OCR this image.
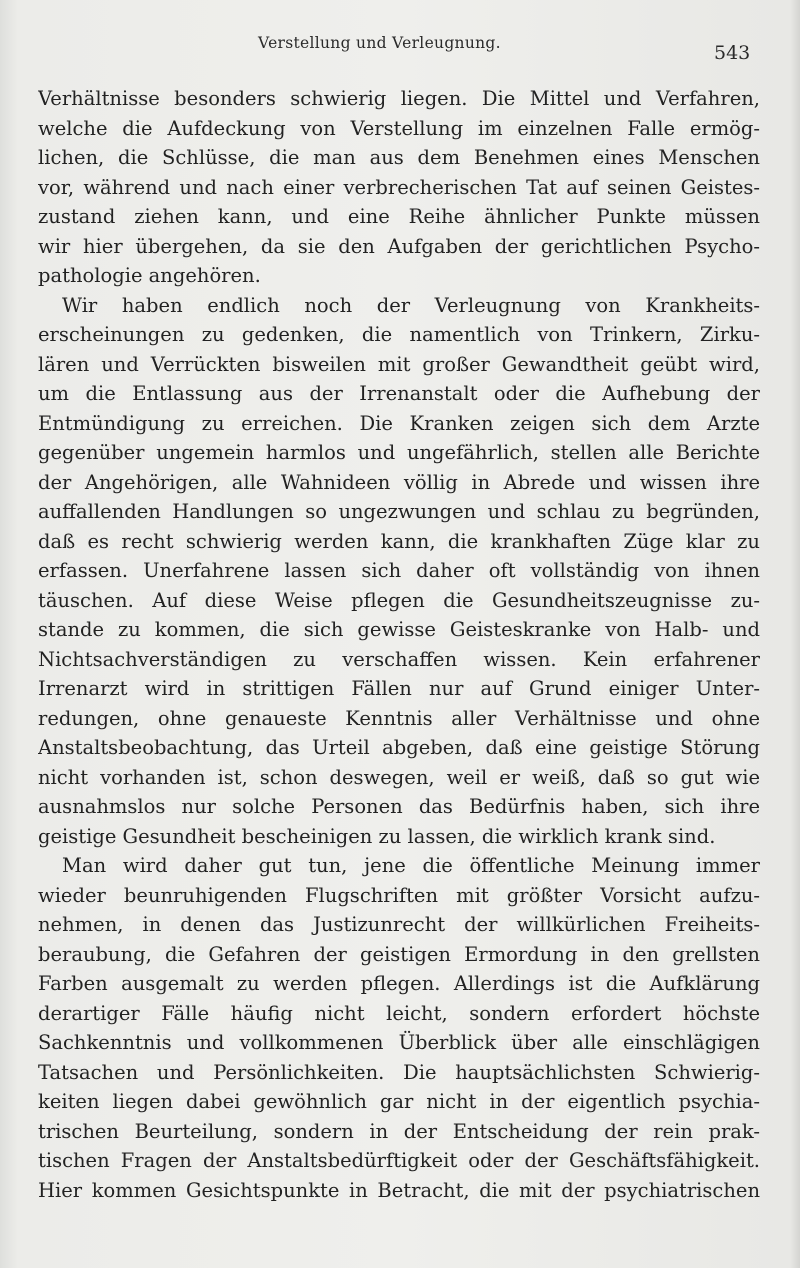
Verstellung und Verleugnung.	543
Verhältnisse besonders schwierig liegen. Die Mittel und Verfahren,
welche die Aufdeckung von Verstellung im einzelnen Falle ermög-
lichen, die Schlüsse, die man aus dem Benehmen eines Menschen
vor, während und nach einer verbrecherischen Tat auf seinen Geistes-
zustand ziehen kann, und eine Reihe ähnlicher Punkte müssen
wir hier übergehen, da sie den Aufgaben der gerichtlichen Psycho-
pathologie angehören.
Wir haben endlich noch der Verleugnung von Krankheits-
erscheinungen zu gedenken, die namentlich von Trinkern, Zirku-
lären und Verrückten bisweilen mit großer Gewandtheit geübt wird,
um die Entlassung aus der Irrenanstalt oder die Aufhebung der
Entmündigung zu erreichen. Die Kranken zeigen sich dem Arzte
gegenüber ungemein harmlos und ungefährlich, stellen alle Berichte
der Angehörigen, alle Wahnideen völlig in Abrede und wissen ihre
auffallenden Handlungen so ungezwungen und schlau zu begründen,
daß es recht schwierig werden kann, die krankhaften Züge klar zu
erfassen. Unerfahrene lassen sich daher oft vollständig von ihnen
täuschen. Auf diese Weise pflegen die Gesundheitszeugnisse zu-
stande zu kommen, die sich gewisse Geisteskranke von Halb- und
Nichtsachverständigen zu verschaffen wissen. Kein erfahrener
Irrenarzt wird in strittigen Fällen nur auf Grund einiger Unter-
redungen, ohne genaueste Kenntnis aller Verhältnisse und ohne
Anstaltsbeobachtung, das Urteil abgeben, daß eine geistige Störung
nicht vorhanden ist, schon deswegen, weil er weiß, daß so gut wie
ausnahmslos nur solche Personen das Bedürfnis haben, sich ihre
geistige Gesundheit bescheinigen zu lassen, die wirklich krank sind.
Man wird daher gut tun, jene die öffentliche Meinung immer
wieder beunruhigenden Flugschriften mit größter Vorsicht aufzu-
nehmen, in denen das Justizunrecht der willkürlichen Freiheits-
beraubung, die Gefahren der geistigen Ermordung in den grellsten
Farben ausgemalt zu werden pflegen. Allerdings ist die Aufklärung
derartiger Fälle häufig nicht leicht, sondern erfordert höchste
Sachkenntnis und vollkommenen Überblick über alle einschlägigen
Tatsachen und Persönlichkeiten. Die hauptsächlichsten Schwierig-
keiten liegen dabei gewöhnlich gar nicht in der eigentlich psychia-
trischen Beurteilung, sondern in der Entscheidung der rein prak-
tischen Fragen der Anstaltsbedürftigkeit oder der Geschäftsfähigkeit.
Hier kommen Gesichtspunkte in Betracht, die mit der psychiatrischen
